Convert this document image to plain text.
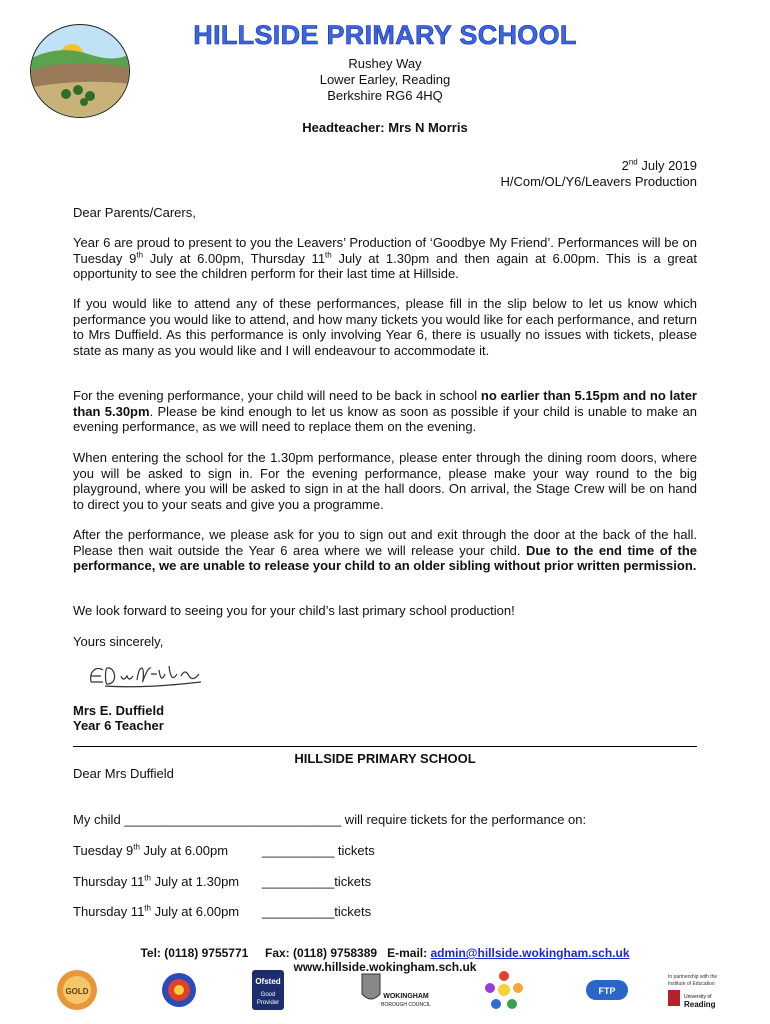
HILLSIDE PRIMARY SCHOOL
Rushey Way
Lower Earley, Reading
Berkshire RG6 4HQ
Headteacher: Mrs N Morris
2nd July 2019
H/Com/OL/Y6/Leavers Production
Dear Parents/Carers,
Year 6 are proud to present to you the Leavers’ Production of ‘Goodbye My Friend’. Performances will be on Tuesday 9th July at 6.00pm, Thursday 11th July at 1.30pm and then again at 6.00pm. This is a great opportunity to see the children perform for their last time at Hillside.
If you would like to attend any of these performances, please fill in the slip below to let us know which performance you would like to attend, and how many tickets you would like for each performance, and return to Mrs Duffield. As this performance is only involving Year 6, there is usually no issues with tickets, please state as many as you would like and I will endeavour to accommodate it.
For the evening performance, your child will need to be back in school no earlier than 5.15pm and no later than 5.30pm. Please be kind enough to let us know as soon as possible if your child is unable to make an evening performance, as we will need to replace them on the evening.
When entering the school for the 1.30pm performance, please enter through the dining room doors, where you will be asked to sign in. For the evening performance, please make your way round to the big playground, where you will be asked to sign in at the hall doors. On arrival, the Stage Crew will be on hand to direct you to your seats and give you a programme.
After the performance, we please ask for you to sign out and exit through the door at the back of the hall. Please then wait outside the Year 6 area where we will release your child. Due to the end time of the performance, we are unable to release your child to an older sibling without prior written permission.
We look forward to seeing you for your child’s last primary school production!
Yours sincerely,
Mrs E. Duffield
Year 6 Teacher
HILLSIDE PRIMARY SCHOOL
Dear Mrs Duffield
My child ______________________________ will require tickets for the performance on:
Tuesday 9th July at 6.00pm	__________ tickets
Thursday 11th July at 1.30pm __________tickets
Thursday 11th July at 6.00pm __________tickets
Tel: (0118) 9755771 Fax: (0118) 9758389 E-mail: admin@hillside.wokingham.sch.uk
www.hillside.wokingham.sch.uk
GOLD
Ofsted
Good
Provider
WOKINGHAM
BOROUGH COUNCIL
FTP
In partnership with the
Institute of Education
University of
Reading
